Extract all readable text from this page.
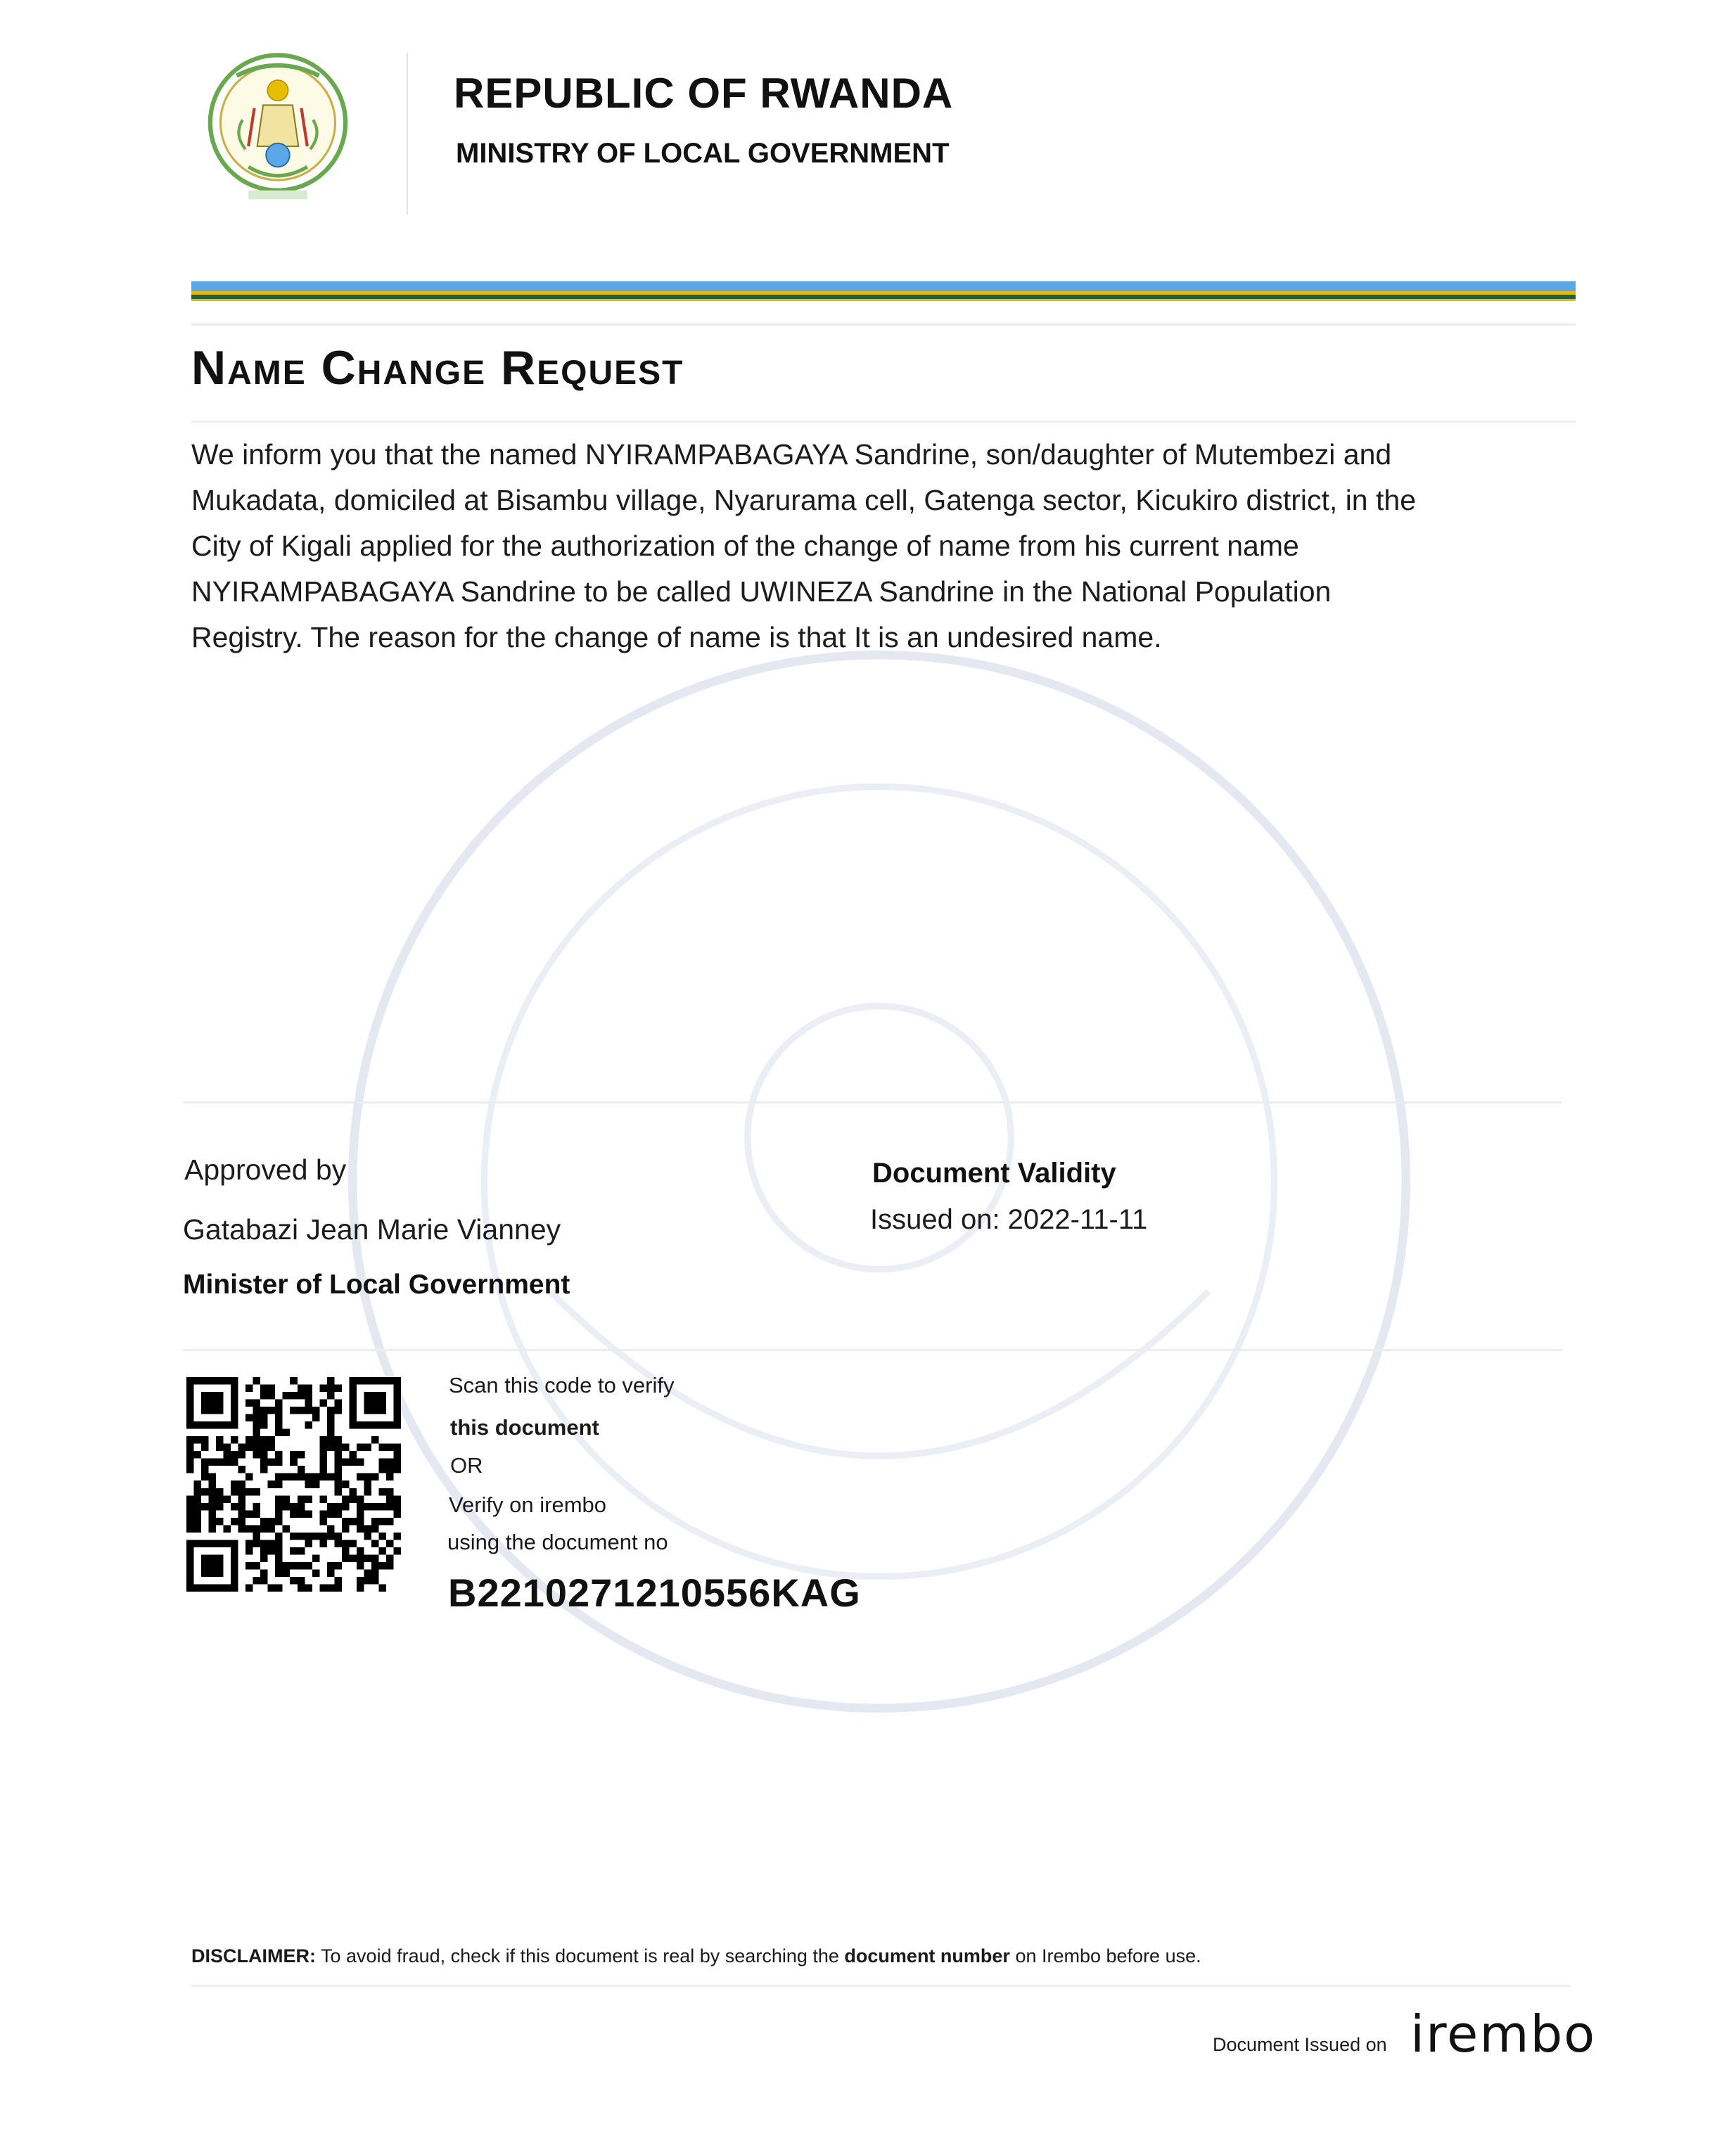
REPUBLIC OF RWANDA
MINISTRY OF LOCAL GOVERNMENT
Name Change Request

We inform you that the named NYIRAMPABAGAYA Sandrine, son/daughter of Mutembezi and

Mukadata, domiciled at Bisambu village, Nyarurama cell, Gatenga sector, Kicukiro district, in the

City of Kigali applied for the authorization of the change of name from his current name

NYIRAMPABAGAYA Sandrine to be called UWINEZA Sandrine in the National Population

Registry. The reason for the change of name is that It is an undesired name.

Approved by
Gatabazi Jean Marie Vianney
Minister of Local Government
Document Validity
Issued on: 2022-11-11
Scan this code to verify
this document
OR
Verify on irembo
using the document no
B2210271210556KAG
DISCLAIMER: To avoid fraud, check if this document is real by searching the document number on Irembo before use.
Document Issued on irembo
